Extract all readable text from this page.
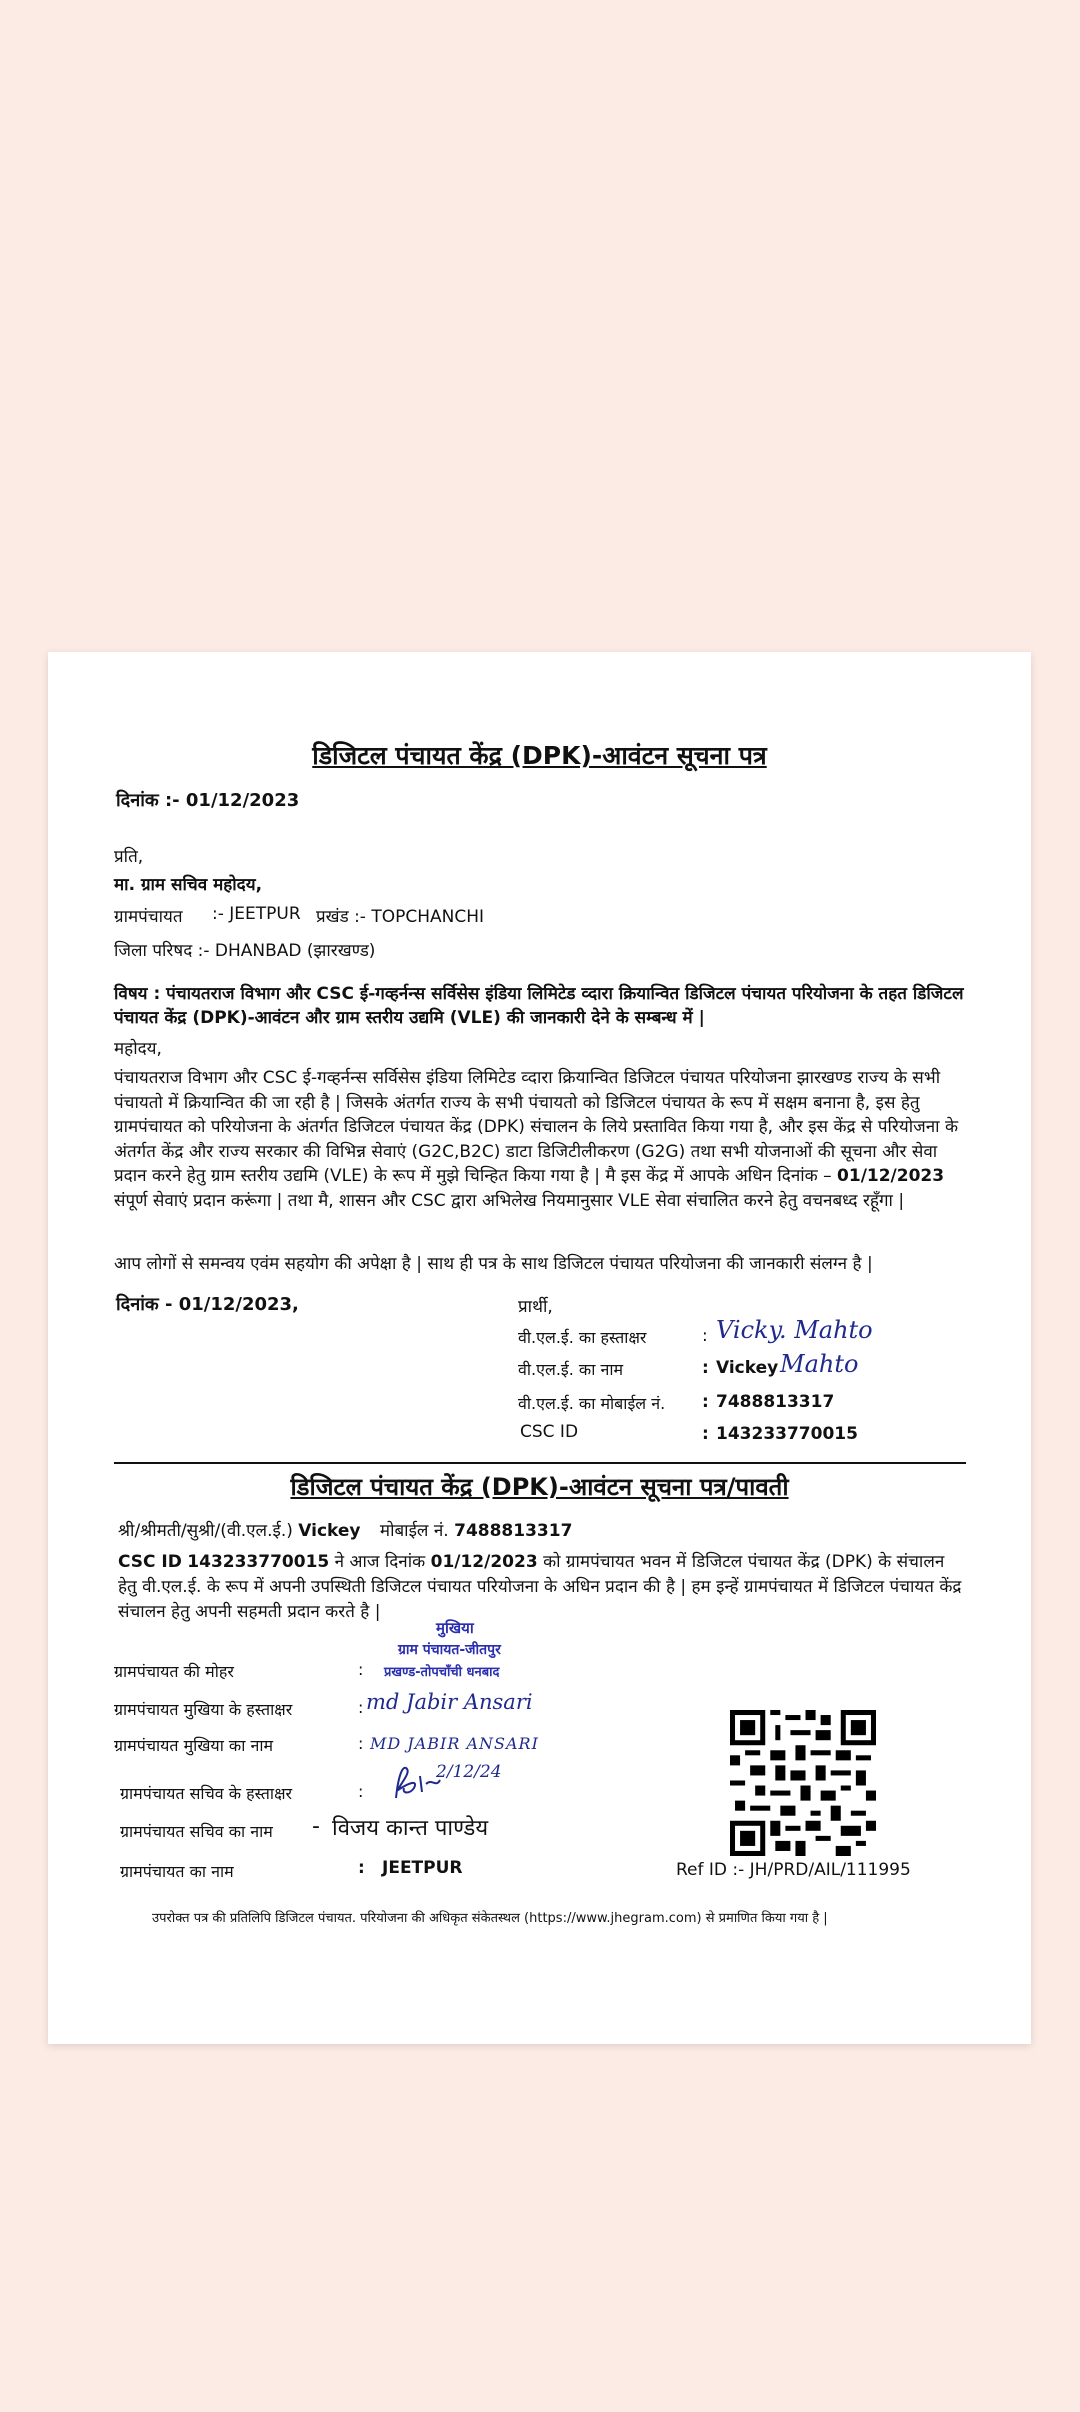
डिजिटल पंचायत केंद्र (DPK)-आवंटन सूचना पत्र
दिनांक :- 01/12/2023
प्रति,
मा. ग्राम सचिव महोदय,
ग्रामपंचायत :- JEETPUR प्रखंड :- TOPCHANCHI
जिला परिषद :- DHANBAD (झारखण्ड)
विषय : पंचायतराज विभाग और CSC ई-गव्हर्नन्स सर्विसेस इंडिया लिमिटेड व्दारा क्रियान्वित डिजिटल पंचायत परियोजना के तहत डिजिटल पंचायत केंद्र (DPK)-आवंटन और ग्राम स्तरीय उद्यमि (VLE) की जानकारी देने के सम्बन्ध में |
महोदय,
पंचायतराज विभाग और CSC ई-गव्हर्नन्स सर्विसेस इंडिया लिमिटेड व्दारा क्रियान्वित डिजिटल पंचायत परियोजना झारखण्ड राज्य के सभी पंचायतो में क्रियान्वित की जा रही है | जिसके अंतर्गत राज्य के सभी पंचायतो को डिजिटल पंचायत के रूप में सक्षम बनाना है, इस हेतु ग्रामपंचायत को परियोजना के अंतर्गत डिजिटल पंचायत केंद्र (DPK) संचालन के लिये प्रस्तावित किया गया है, और इस केंद्र से परियोजना के अंतर्गत केंद्र और राज्य सरकार की विभिन्न सेवाएं (G2C,B2C) डाटा डिजिटीलीकरण (G2G) तथा सभी योजनाओं की सूचना और सेवा प्रदान करने हेतु ग्राम स्तरीय उद्यमि (VLE) के रूप में मुझे चिन्हित किया गया है | मै इस केंद्र में आपके अधिन दिनांक – 01/12/2023 संपूर्ण सेवाएं प्रदान करूंगा | तथा मै, शासन और CSC द्वारा अभिलेख नियमानुसार VLE सेवा संचालित करने हेतु वचनबध्द रहूँगा |
आप लोगों से समन्वय एवंम सहयोग की अपेक्षा है | साथ ही पत्र के साथ डिजिटल पंचायत परियोजना की जानकारी संलग्न है |
दिनांक - 01/12/2023,	प्रार्थी,
वी.एल.ई. का हस्ताक्षर	: Vicky. Mahto
वी.एल.ई. का नाम	: Vickey Mahto
वी.एल.ई. का मोबाईल नं. : 7488813317
CSC ID	: 143233770015
डिजिटल पंचायत केंद्र (DPK)-आवंटन सूचना पत्र/पावती
श्री/श्रीमती/सुश्री/(वी.एल.ई.) Vickey मोबाईल नं. 7488813317
CSC ID 143233770015 ने आज दिनांक 01/12/2023 को ग्रामपंचायत भवन में डिजिटल पंचायत केंद्र (DPK) के संचालन हेतु वी.एल.ई. के रूप में अपनी उपस्थिती डिजिटल पंचायत परियोजना के अधिन प्रदान की है | हम इन्हें ग्रामपंचायत में डिजिटल पंचायत केंद्र संचालन हेतु अपनी सहमती प्रदान करते है |
मुखिया
ग्राम पंचायत-जीतपुर
प्रखण्ड-तोपचाँची धनबाद
ग्रामपंचायत की मोहर	:
ग्रामपंचायत मुखिया के हस्ताक्षर	: md Jabir Ansari
ग्रामपंचायत मुखिया का नाम	: MD JABIR ANSARI
ग्रामपंचायत सचिव के हस्ताक्षर	:
2/12/24
ग्रामपंचायत सचिव का नाम - विजय कान्त पाण्डेय
ग्रामपंचायत का नाम	: JEETPUR	Ref ID :- JH/PRD/AIL/111995
उपरोक्त पत्र की प्रतिलिपि डिजिटल पंचायत. परियोजना की अधिकृत संकेतस्थल (https://www.jhegram.com) से प्रमाणित किया गया है |
